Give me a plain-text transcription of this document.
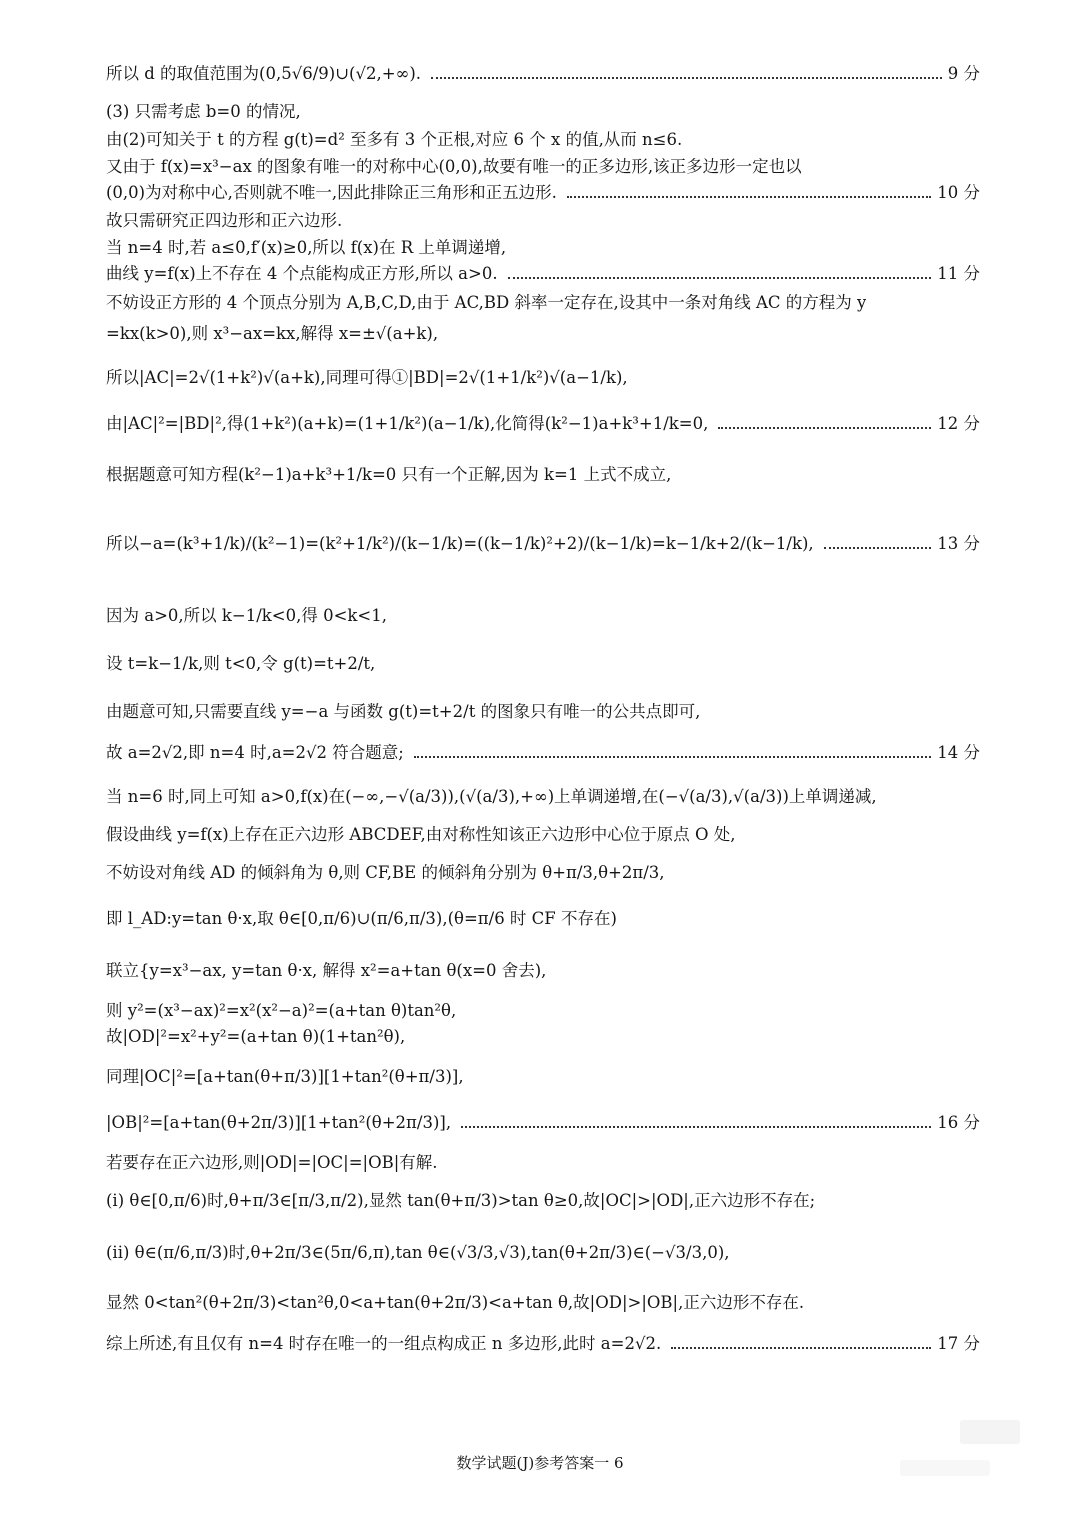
所以 d 的取值范围为(0,5√6/9)∪(√2,+∞).	9 分
(3) 只需考虑 b=0 的情况,
由(2)可知关于 t 的方程 g(t)=d² 至多有 3 个正根,对应 6 个 x 的值,从而 n≤6.
又由于 f(x)=x³−ax 的图象有唯一的对称中心(0,0),故要有唯一的正多边形,该正多边形一定也以
(0,0)为对称中心,否则就不唯一,因此排除正三角形和正五边形.	10 分
故只需研究正四边形和正六边形.
当 n=4 时,若 a≤0,f′(x)≥0,所以 f(x)在 R 上单调递增,
曲线 y=f(x)上不存在 4 个点能构成正方形,所以 a>0.	11 分
不妨设正方形的 4 个顶点分别为 A,B,C,D,由于 AC,BD 斜率一定存在,设其中一条对角线 AC 的方程为 y
=kx(k>0),则 x³−ax=kx,解得 x=±√(a+k),
所以|AC|=2√(1+k²)√(a+k),同理可得①|BD|=2√(1+1/k²)√(a−1/k),
由|AC|²=|BD|²,得(1+k²)(a+k)=(1+1/k²)(a−1/k),化简得(k²−1)a+k³+1/k=0,	12 分
根据题意可知方程(k²−1)a+k³+1/k=0 只有一个正解,因为 k=1 上式不成立,
所以−a=(k³+1/k)/(k²−1)=(k²+1/k²)/(k−1/k)=((k−1/k)²+2)/(k−1/k)=k−1/k+2/(k−1/k),	13 分
因为 a>0,所以 k−1/k<0,得 0<k<1,
设 t=k−1/k,则 t<0,令 g(t)=t+2/t,
由题意可知,只需要直线 y=−a 与函数 g(t)=t+2/t 的图象只有唯一的公共点即可,
故 a=2√2,即 n=4 时,a=2√2 符合题意;	14 分
当 n=6 时,同上可知 a>0,f(x)在(−∞,−√(a/3)),(√(a/3),+∞)上单调递增,在(−√(a/3),√(a/3))上单调递减,
假设曲线 y=f(x)上存在正六边形 ABCDEF,由对称性知该正六边形中心位于原点 O 处,
不妨设对角线 AD 的倾斜角为 θ,则 CF,BE 的倾斜角分别为 θ+π/3,θ+2π/3,
即 l_AD:y=tan θ·x,取 θ∈[0,π/6)∪(π/6,π/3),(θ=π/6 时 CF 不存在)
联立{y=x³−ax, y=tan θ·x, 解得 x²=a+tan θ(x=0 舍去),
则 y²=(x³−ax)²=x²(x²−a)²=(a+tan θ)tan²θ,
故|OD|²=x²+y²=(a+tan θ)(1+tan²θ),
同理|OC|²=[a+tan(θ+π/3)][1+tan²(θ+π/3)],
|OB|²=[a+tan(θ+2π/3)][1+tan²(θ+2π/3)],	16 分
若要存在正六边形,则|OD|=|OC|=|OB|有解.
(i) θ∈[0,π/6)时,θ+π/3∈[π/3,π/2),显然 tan(θ+π/3)>tan θ≥0,故|OC|>|OD|,正六边形不存在;
(ii) θ∈(π/6,π/3)时,θ+2π/3∈(5π/6,π),tan θ∈(√3/3,√3),tan(θ+2π/3)∈(−√3/3,0),
显然 0<tan²(θ+2π/3)<tan²θ,0<a+tan(θ+2π/3)<a+tan θ,故|OD|>|OB|,正六边形不存在.
综上所述,有且仅有 n=4 时存在唯一的一组点构成正 n 多边形,此时 a=2√2.	17 分
数学试题(J)参考答案一 6
